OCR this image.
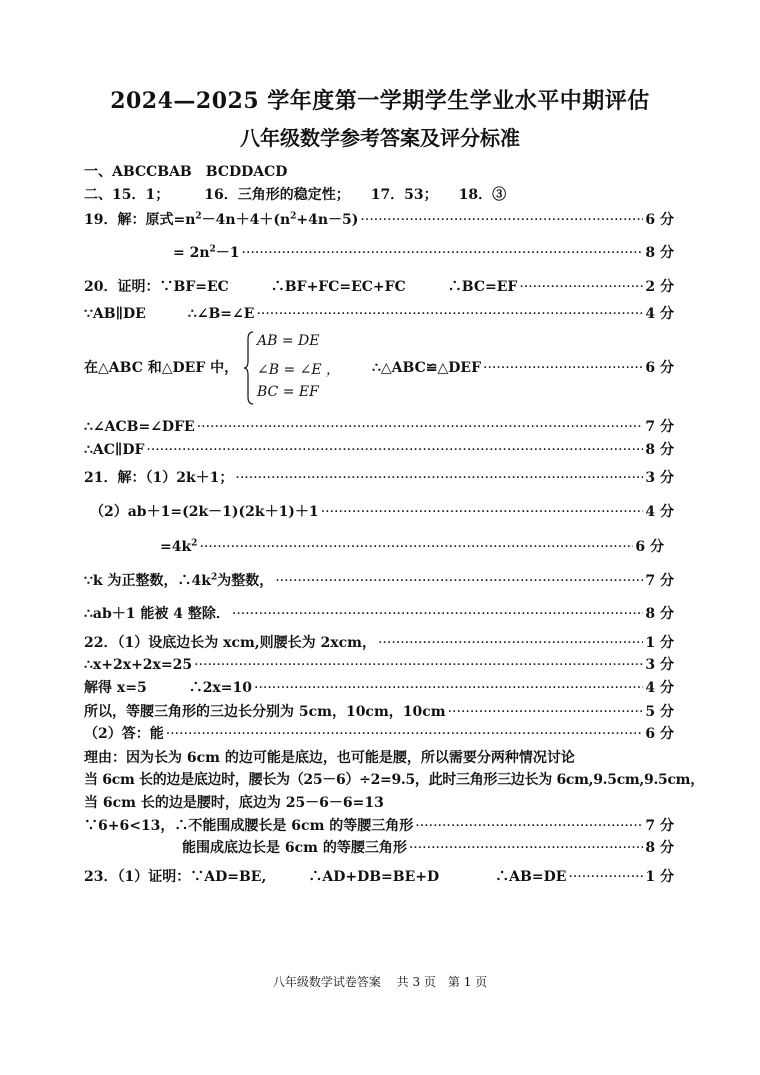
2024—2025 学年度第一学期学生学业水平中期评估
八年级数学参考答案及评分标准
一、ABCCBAB　BCDDACD
二、15．1；　　　16．三角形的稳定性；　　17．53；　　18．③
19．解：原式$=n^2-4n+4+(n^2+4n-5)$ ·····	6 分
= $2n^2-1$ ·····	8 分
20．证明：∵BF=EC　　　∴BF+FC=EC+FC　　　∴BC=EF ·····	2 分
∵AB∥DE　　　∴∠B=∠E ·····	4 分
AB = DE
∠B = ∠E ，
BC = EF
在△ABC 和△DEF 中，	∴△ABC≌△DEF ·····	6 分
∴∠ACB=∠DFE ·····	7 分
∴AC∥DF ·····	8 分
21．解：（1）2k＋1； ·····	3 分
（2）ab＋1=(2k－1)(2k＋1)＋1 ·····	4 分
$=4k^2$ ·····	6 分
∵k 为正整数，$\therefore 4k^2$为整数， ·····	7 分
∴ab＋1 能被 4 整除． ·····	8 分
22．（1）设底边长为 xcm,则腰长为 2xcm， ·····	1 分
∴x+2x+2x=25 ·····	3 分
解得 x=5　　　∴2x=10 ·····	4 分
所以，等腰三角形的三边长分别为 5cm，10cm，10cm ·····	5 分
（2）答：能 ·····	6 分
理由：因为长为 6cm 的边可能是底边，也可能是腰，所以需要分两种情况讨论
当 6cm 长的边是底边时，腰长为（25－6）÷2=9.5，此时三角形三边长为 6cm,9.5cm,9.5cm，
当 6cm 长的边是腰时，底边为 25－6－6=13
∵6+6<13，∴不能围成腰长是 6cm 的等腰三角形 ·····	7 分
能围成底边长是 6cm 的等腰三角形 ·····	8 分
23．（1）证明：∵AD=BE,　　　∴AD+DB=BE+D　　　　∴AB=DE ·····	1 分
八年级数学试卷答案　 共 3 页　第 1 页
